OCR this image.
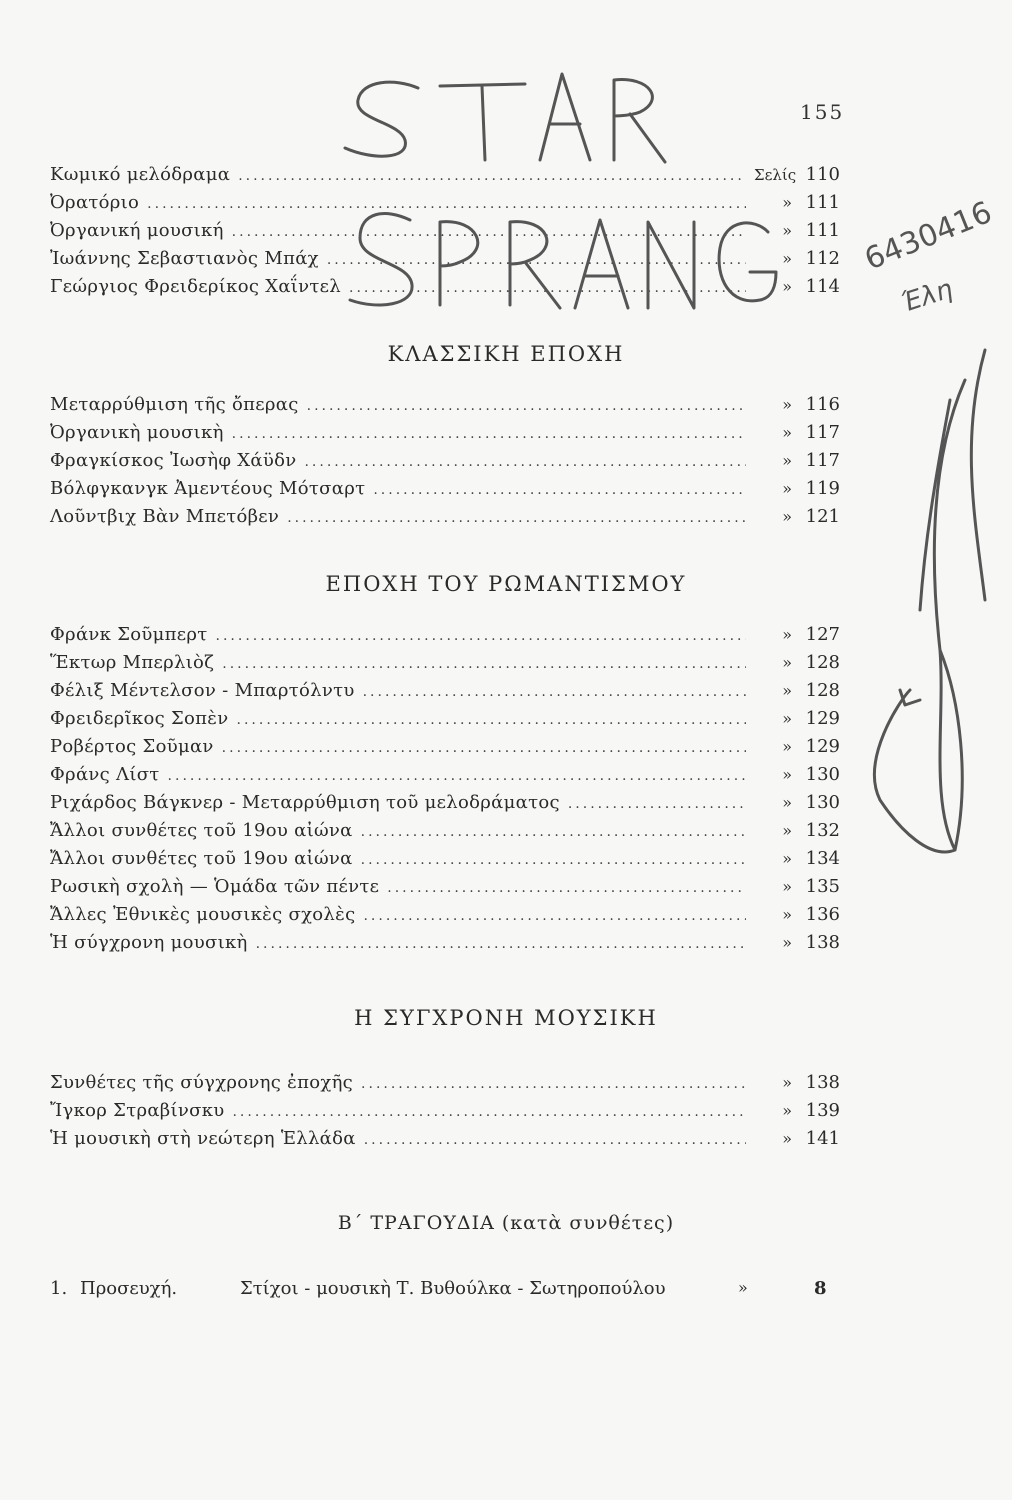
155
Κωμικό μελόδραμα .....	Σελίς 110
Ὀρατόριο .....	» 111
Ὀργανική μουσική .....	» 111
Ἰωάννης Σεβαστιανὸς Μπάχ .....	» 112
Γεώργιος Φρειδερίκος Χαΐντελ .....	» 114
ΚΛΑΣΣΙΚΗ ΕΠΟΧΗ
Μεταρρύθμιση τῆς ὄπερας .....	» 116
Ὀργανικὴ μουσικὴ .....	» 117
Φραγκίσκος Ἰωσὴφ Χάϋδν .....	» 117
Βόλφγκανγκ Ἀμεντέους Μότσαρτ .....	» 119
Λοῦντβιχ Βὰν Μπετόβεν .....	» 121
ΕΠΟΧΗ ΤΟΥ ΡΩΜΑΝΤΙΣΜΟΥ
Φράνκ Σοῦμπερτ .....	» 127
Ἕκτωρ Μπερλιὸζ .....	» 128
Φέλιξ Μέντελσον - Μπαρτόλντυ .....	» 128
Φρειδερῖκος Σοπὲν .....	» 129
Ροβέρτος Σοῦμαν .....	» 129
Φράνς Λίστ .....	» 130
Ριχάρδος Βάγκνερ - Μεταρρύθμιση τοῦ μελοδράματος .....	» 130
Ἄλλοι συνθέτες τοῦ 19ου αἰώνα .....	» 132
Ἄλλοι συνθέτες τοῦ 19ου αἰώνα .....	» 134
Ρωσικὴ σχολὴ — Ὁμάδα τῶν πέντε .....	» 135
Ἄλλες Ἐθνικὲς μουσικὲς σχολὲς .....	» 136
Ἡ σύγχρονη μουσικὴ .....	» 138
Η ΣΥΓΧΡΟΝΗ ΜΟΥΣΙΚΗ
Συνθέτες τῆς σύγχρονης ἐποχῆς .....	» 138
Ἴγκορ Στραβίνσκυ .....	» 139
Ἡ μουσικὴ στὴ νεώτερη Ἑλλάδα .....	» 141
Β΄ ΤΡΑΓΟΥΔΙΑ (κατὰ συνθέτες)
1. Προσευχή.	Στίχοι - μουσικὴ Τ. Βυθούλκα - Σωτηροπούλου	»	8
6430416
Έλη
